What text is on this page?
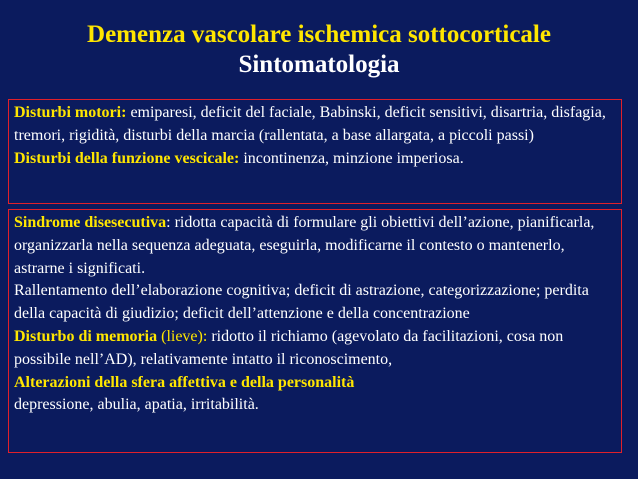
Demenza vascolare ischemica sottocorticale
Sintomatologia

Disturbi motori: emiparesi, deficit del faciale, Babinski, deficit sensitivi, disartria, disfagia, tremori, rigidità, disturbi della marcia (rallentata, a base allargata, a piccoli passi)

Disturbi della funzione vescicale: incontinenza, minzione imperiosa.

Sindrome disesecutiva: ridotta capacità di formulare gli obiettivi dell’azione, pianificarla, organizzarla nella sequenza adeguata, eseguirla, modificarne il contesto o mantenerlo, astrarne i significati.

Rallentamento dell’elaborazione cognitiva; deficit di astrazione, categorizzazione; perdita della capacità di giudizio; deficit dell’attenzione e della concentrazione

Disturbo di memoria (lieve): ridotto il richiamo (agevolato da facilitazioni, cosa non possibile nell’AD), relativamente intatto il riconoscimento,

Alterazioni della sfera affettiva e della personalità

depressione, abulia, apatia, irritabilità.
